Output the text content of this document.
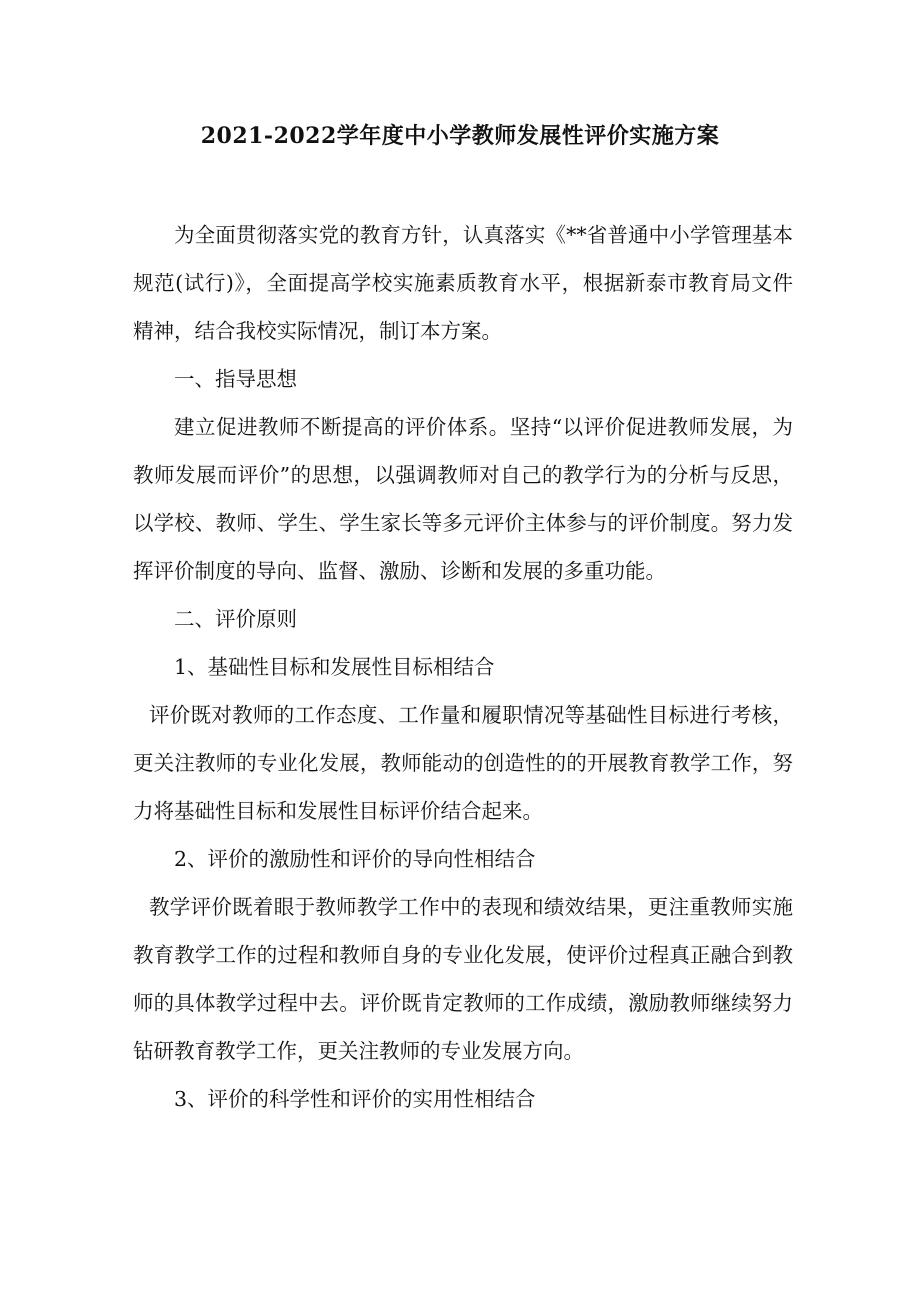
2021-2022学年度中小学教师发展性评价实施方案

为全面贯彻落实党的教育方针，认真落实《**省普通中小学管理基本规范(试行)》，全面提高学校实施素质教育水平，根据新泰市教育局文件精神，结合我校实际情况，制订本方案。

一、指导思想

建立促进教师不断提高的评价体系。坚持“以评价促进教师发展，为教师发展而评价”的思想，以强调教师对自己的教学行为的分析与反思，以学校、教师、学生、学生家长等多元评价主体参与的评价制度。努力发挥评价制度的导向、监督、激励、诊断和发展的多重功能。

二、评价原则

1、基础性目标和发展性目标相结合

评价既对教师的工作态度、工作量和履职情况等基础性目标进行考核，更关注教师的专业化发展，教师能动的创造性的的开展教育教学工作，努力将基础性目标和发展性目标评价结合起来。

2、评价的激励性和评价的导向性相结合

教学评价既着眼于教师教学工作中的表现和绩效结果，更注重教师实施教育教学工作的过程和教师自身的专业化发展，使评价过程真正融合到教师的具体教学过程中去。评价既肯定教师的工作成绩，激励教师继续努力钻研教育教学工作，更关注教师的专业发展方向。

3、评价的科学性和评价的实用性相结合
